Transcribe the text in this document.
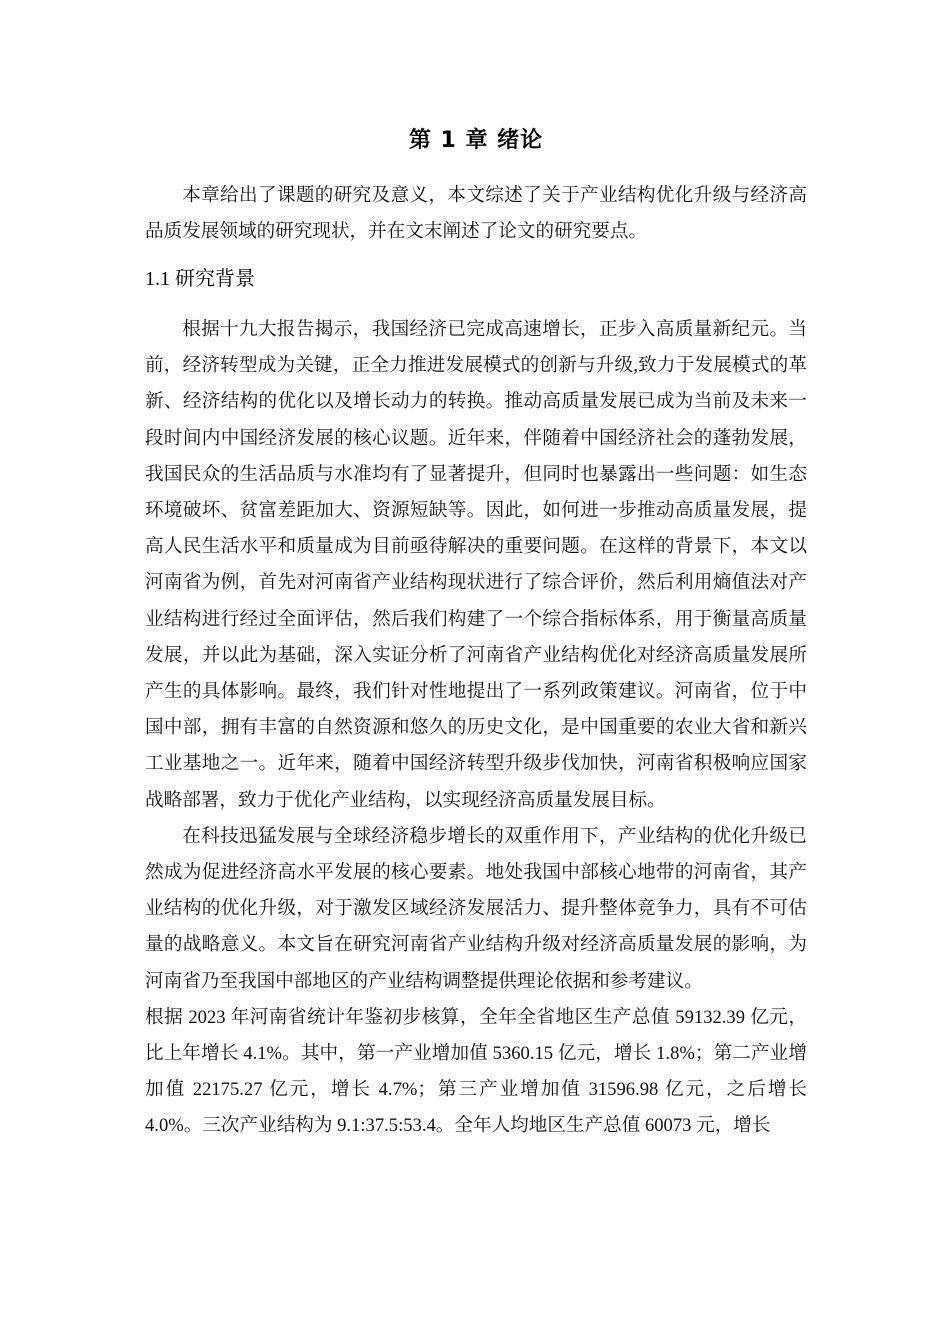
第 1 章 绪论

本章给出了课题的研究及意义，本文综述了关于产业结构优化升级与经济高品质发展领域的研究现状，并在文末阐述了论文的研究要点。

1.1 研究背景

根据十九大报告揭示，我国经济已完成高速增长，正步入高质量新纪元。当前，经济转型成为关键，正全力推进发展模式的创新与升级,致力于发展模式的革新、经济结构的优化以及增长动力的转换。推动高质量发展已成为当前及未来一段时间内中国经济发展的核心议题。近年来，伴随着中国经济社会的蓬勃发展，我国民众的生活品质与水准均有了显著提升，但同时也暴露出一些问题：如生态环境破坏、贫富差距加大、资源短缺等。因此，如何进一步推动高质量发展，提高人民生活水平和质量成为目前亟待解决的重要问题。在这样的背景下，本文以河南省为例，首先对河南省产业结构现状进行了综合评价，然后利用熵值法对产业结构进行经过全面评估，然后我们构建了一个综合指标体系，用于衡量高质量发展，并以此为基础，深入实证分析了河南省产业结构优化对经济高质量发展所产生的具体影响。最终，我们针对性地提出了一系列政策建议。河南省，位于中国中部，拥有丰富的自然资源和悠久的历史文化，是中国重要的农业大省和新兴工业基地之一。近年来，随着中国经济转型升级步伐加快，河南省积极响应国家战略部署，致力于优化产业结构，以实现经济高质量发展目标。

在科技迅猛发展与全球经济稳步增长的双重作用下，产业结构的优化升级已然成为促进经济高水平发展的核心要素。地处我国中部核心地带的河南省，其产业结构的优化升级，对于激发区域经济发展活力、提升整体竞争力，具有不可估量的战略意义。本文旨在研究河南省产业结构升级对经济高质量发展的影响，为河南省乃至我国中部地区的产业结构调整提供理论依据和参考建议。

根据 2023 年河南省统计年鉴初步核算，全年全省地区生产总值 59132.39 亿元，比上年增长 4.1%。其中，第一产业增加值 5360.15 亿元，增长 1.8%；第二产业增加值 22175.27 亿元，增长 4.7%；第三产业增加值 31596.98 亿元，之后增长 4.0%。三次产业结构为 9.1:37.5:53.4。全年人均地区生产总值 60073 元，增长
